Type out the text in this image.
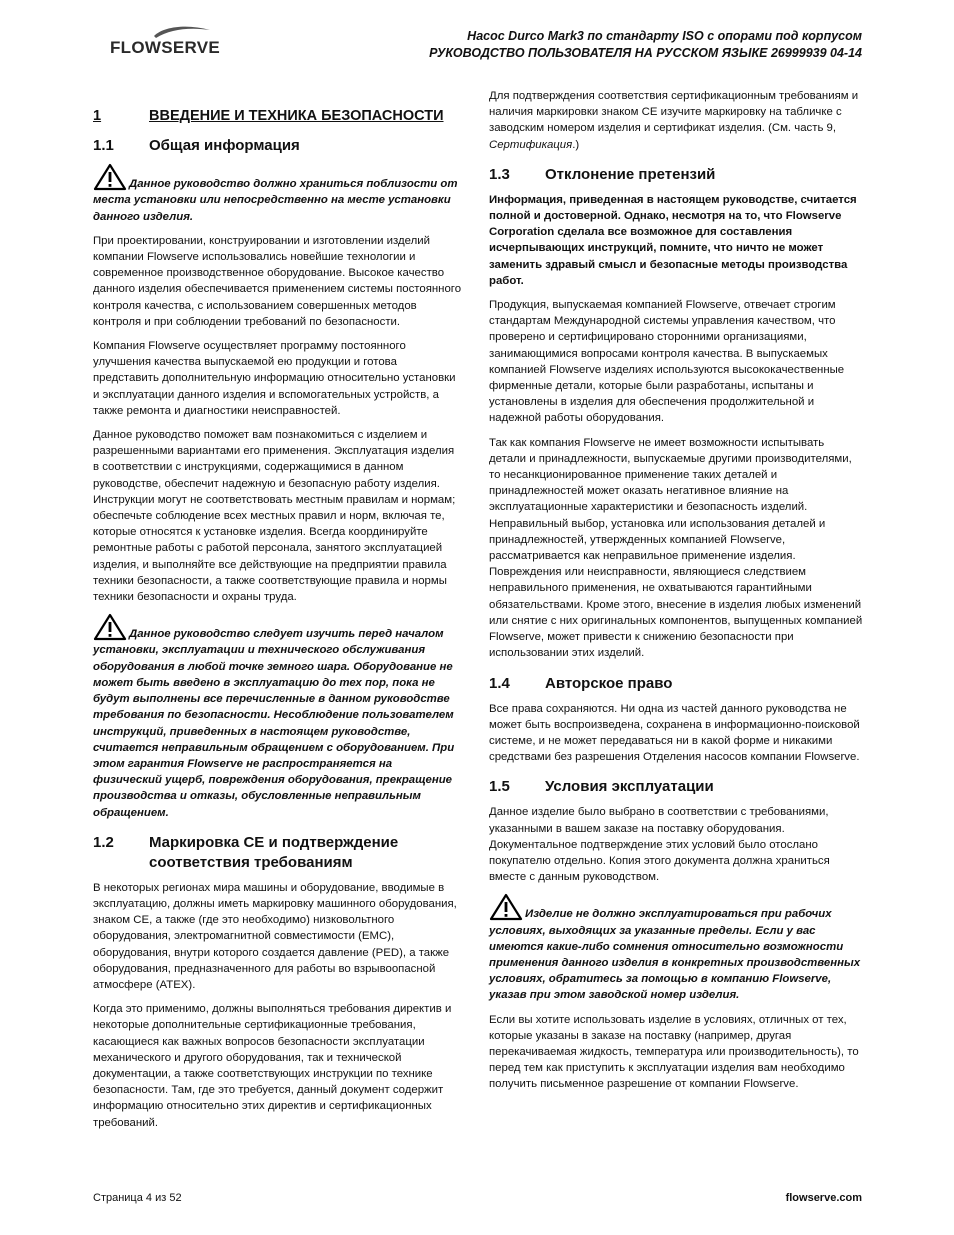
FLOWSERVE
Насос Durco Mark3 по стандарту ISO с опорами под корпусом
РУКОВОДСТВО ПОЛЬЗОВАТЕЛЯ НА РУССКОМ ЯЗЫКЕ 26999939 04-14
1	ВВЕДЕНИЕ И ТЕХНИКА БЕЗОПАСНОСТИ
1.1	Общая информация

Данное руководство должно храниться поблизости от места установки или непосредственно на месте установки данного изделия.

При проектировании, конструировании и изготовлении изделий компании Flowserve использовались новейшие технологии и современное производственное оборудование. Высокое качество данного изделия обеспечивается применением системы постоянного контроля качества, с использованием совершенных методов контроля и при соблюдении требований по безопасности.

Компания Flowserve осуществляет программу постоянного улучшения качества выпускаемой ею продукции и готова представить дополнительную информацию относительно установки и эксплуатации данного изделия и вспомогательных устройств, а также ремонта и диагностики неисправностей.

Данное руководство поможет вам познакомиться с изделием и разрешенными вариантами его применения. Эксплуатация изделия в соответствии с инструкциями, содержащимися в данном руководстве, обеспечит надежную и безопасную работу изделия. Инструкции могут не соответствовать местным правилам и нормам; обеспечьте соблюдение всех местных правил и норм, включая те, которые относятся к установке изделия. Всегда координируйте ремонтные работы с работой персонала, занятого эксплуатацией изделия, и выполняйте все действующие на предприятии правила техники безопасности, а также соответствующие правила и нормы техники безопасности и охраны труда.

Данное руководство следует изучить перед началом установки, эксплуатации и технического обслуживания оборудования в любой точке земного шара. Оборудование не может быть введено в эксплуатацию до тех пор, пока не будут выполнены все перечисленные в данном руководстве требования по безопасности. Несоблюдение пользователем инструкций, приведенных в настоящем руководстве, считается неправильным обращением с оборудованием. При этом гарантия Flowserve не распространяется на физический ущерб, повреждения оборудования, прекращение производства и отказы, обусловленные неправильным обращением.

1.2	Маркировка CE и подтверждение соответствия требованиям

В некоторых регионах мира машины и оборудование, вводимые в эксплуатацию, должны иметь маркировку машинного оборудования, знаком CE, а также (где это необходимо) низковольтного оборудования, электромагнитной совместимости (EMC), оборудования, внутри которого создается давление (PED), а также оборудования, предназначенного для работы во взрывоопасной атмосфере (ATEX).

Когда это применимо, должны выполняться требования директив и некоторые дополнительные сертификационные требования, касающиеся как важных вопросов безопасности эксплуатации механического и другого оборудования, так и технической документации, а также соответствующих инструкции по технике безопасности. Там, где это требуется, данный документ содержит информацию относительно этих директив и сертификационных требований.

Для подтверждения соответствия сертификационным требованиям и наличия маркировки знаком CE изучите маркировку на табличке с заводским номером изделия и сертификат изделия. (См. часть 9, Сертификация.)

1.3	Отклонение претензий

Информация, приведенная в настоящем руководстве, считается полной и достоверной. Однако, несмотря на то, что Flowserve Corporation сделала все возможное для составления исчерпывающих инструкций, помните, что ничто не может заменить здравый смысл и безопасные методы производства работ.

Продукция, выпускаемая компанией Flowserve, отвечает строгим стандартам Международной системы управления качеством, что проверено и сертифицировано сторонними организациями, занимающимися вопросами контроля качества. В выпускаемых компанией Flowserve изделиях используются высококачественные фирменные детали, которые были разработаны, испытаны и установлены в изделия для обеспечения продолжительной и надежной работы оборудования.

Так как компания Flowserve не имеет возможности испытывать детали и принадлежности, выпускаемые другими производителями, то несанкционированное применение таких деталей и принадлежностей может оказать негативное влияние на эксплуатационные характеристики и безопасность изделий. Неправильный выбор, установка или использования деталей и принадлежностей, утвержденных компанией Flowserve, рассматривается как неправильное применение изделия. Повреждения или неисправности, являющиеся следствием неправильного применения, не охватываются гарантийными обязательствами. Кроме этого, внесение в изделия любых изменений или снятие с них оригинальных компонентов, выпущенных компанией Flowserve, может привести к снижению безопасности при использовании этих изделий.

1.4	Авторское право

Все права сохраняются. Ни одна из частей данного руководства не может быть воспроизведена, сохранена в информационно-поисковой системе, и не может передаваться ни в какой форме и никакими средствами без разрешения Отделения насосов компании Flowserve.

1.5	Условия эксплуатации

Данное изделие было выбрано в соответствии с требованиями, указанными в вашем заказе на поставку оборудования. Документальное подтверждение этих условий было отослано покупателю отдельно. Копия этого документа должна храниться вместе с данным руководством.

Изделие не должно эксплуатироваться при рабочих условиях, выходящих за указанные пределы. Если у вас имеются какие-либо сомнения относительно возможности применения данного изделия в конкретных производственных условиях, обратитесь за помощью в компанию Flowserve, указав при этом заводской номер изделия.

Если вы хотите использовать изделие в условиях, отличных от тех, которые указаны в заказе на поставку (например, другая перекачиваемая жидкость, температура или производительность), то перед тем как приступить к эксплуатации изделия вам необходимо получить письменное разрешение от компании Flowserve.

Страница 4 из 52	flowserve.com
